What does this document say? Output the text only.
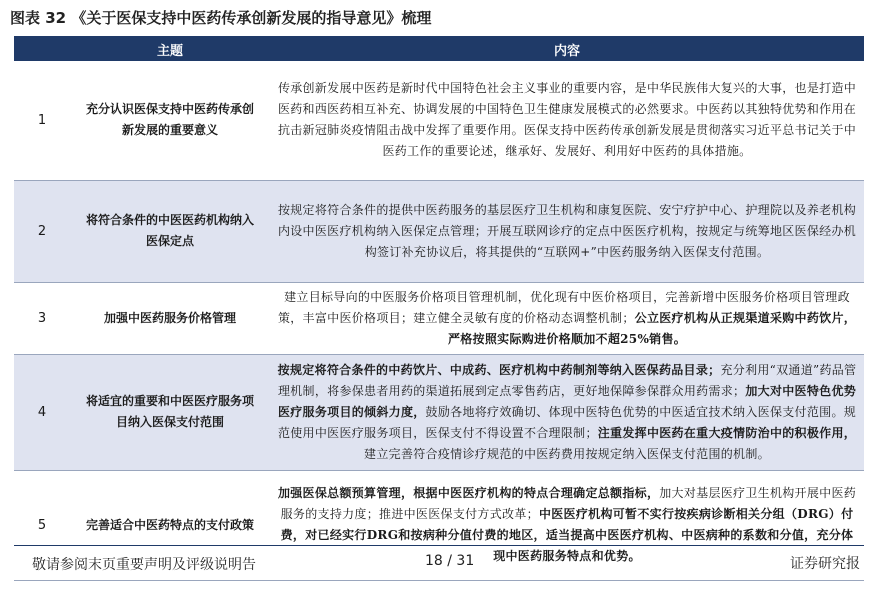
图表 32 《关于医保支持中医药传承创新发展的指导意见》梳理
	主题	内容
1	充分认识医保支持中医药传承创新发展的重要意义	传承创新发展中医药是新时代中国特色社会主义事业的重要内容，是中华民族伟大复兴的大事，也是打造中医药和西医药相互补充、协调发展的中国特色卫生健康发展模式的必然要求。中医药以其独特优势和作用在抗击新冠肺炎疫情阻击战中发挥了重要作用。医保支持中医药传承创新发展是贯彻落实习近平总书记关于中医药工作的重要论述，继承好、发展好、利用好中医药的具体措施。
2	将符合条件的中医医药机构纳入医保定点	按规定将符合条件的提供中医药服务的基层医疗卫生机构和康复医院、安宁疗护中心、护理院以及养老机构内设中医医疗机构纳入医保定点管理；开展互联网诊疗的定点中医医疗机构，按规定与统筹地区医保经办机构签订补充协议后，将其提供的“互联网+”中医药服务纳入医保支付范围。
3	加强中医药服务价格管理	建立目标导向的中医服务价格项目管理机制，优化现有中医价格项目，完善新增中医服务价格项目管理政策，丰富中医价格项目；建立健全灵敏有度的价格动态调整机制；公立医疗机构从正规渠道采购中药饮片，严格按照实际购进价格顺加不超25%销售。
4	将适宜的重要和中医医疗服务项目纳入医保支付范围	按规定将符合条件的中药饮片、中成药、医疗机构中药制剂等纳入医保药品目录；充分利用“双通道”药品管理机制，将参保患者用药的渠道拓展到定点零售药店，更好地保障参保群众用药需求；加大对中医特色优势医疗服务项目的倾斜力度，鼓励各地将疗效确切、体现中医特色优势的中医适宜技术纳入医保支付范围。规范使用中医医疗服务项目，医保支付不得设置不合理限制；注重发挥中医药在重大疫情防治中的积极作用，建立完善符合疫情诊疗规范的中医药费用按规定纳入医保支付范围的机制。
5	完善适合中医药特点的支付政策	加强医保总额预算管理，根据中医医疗机构的特点合理确定总额指标，加大对基层医疗卫生机构开展中医药服务的支持力度；推进中医医保支付方式改革；中医医疗机构可暂不实行按疾病诊断相关分组（DRG）付费，对已经实行DRG和按病种分值付费的地区，适当提高中医医疗机构、中医病种的系数和分值，充分体现中医药服务特点和优势。
敬请参阅末页重要声明及评级说明告	18 / 31	证券研究报
